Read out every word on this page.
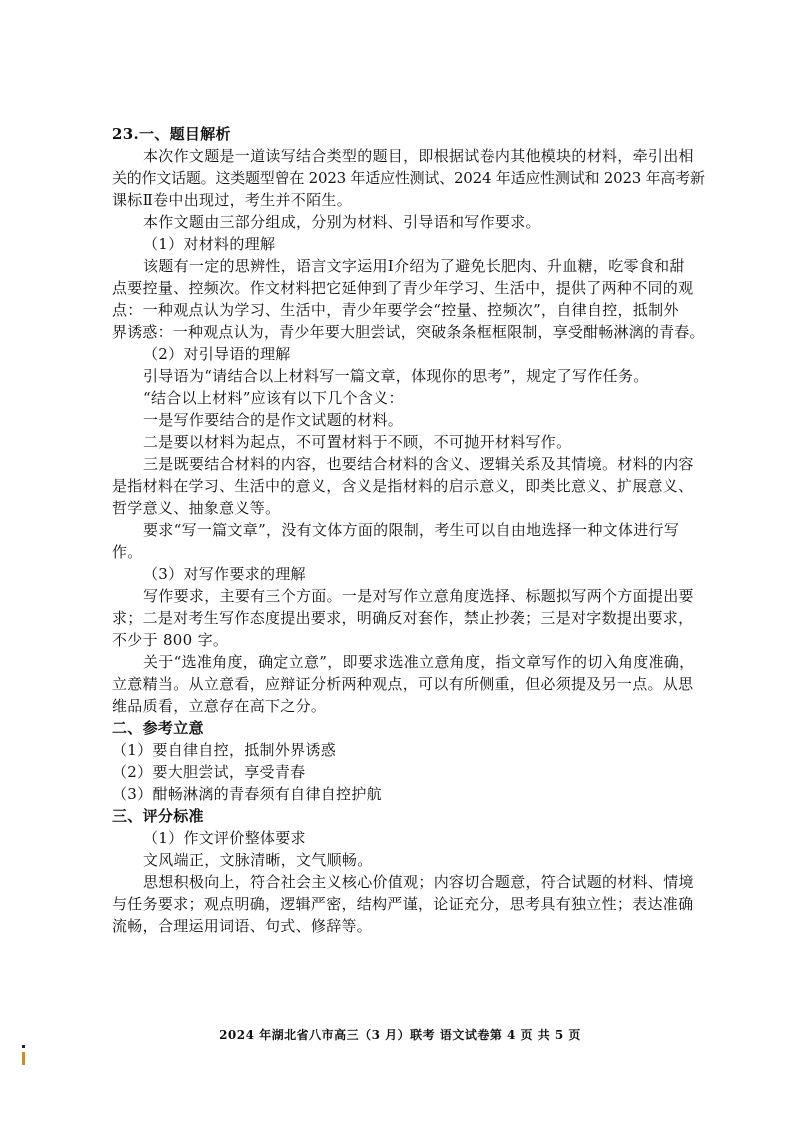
23.一、题目解析
本次作文题是一道读写结合类型的题目，即根据试卷内其他模块的材料，牵引出相
关的作文话题。这类题型曾在 2023 年适应性测试、2024 年适应性测试和 2023 年高考新
课标Ⅱ卷中出现过，考生并不陌生。
本作文题由三部分组成，分别为材料、引导语和写作要求。
（1）对材料的理解
该题有一定的思辨性，语言文字运用Ⅰ介绍为了避免长肥肉、升血糖，吃零食和甜
点要控量、控频次。作文材料把它延伸到了青少年学习、生活中，提供了两种不同的观
点：一种观点认为学习、生活中，青少年要学会“控量、控频次”，自律自控，抵制外
界诱惑：一种观点认为，青少年要大胆尝试，突破条条框框限制，享受酣畅淋漓的青春。
（2）对引导语的理解
引导语为“请结合以上材料写一篇文章，体现你的思考”，规定了写作任务。
“结合以上材料”应该有以下几个含义：
一是写作要结合的是作文试题的材料。
二是要以材料为起点，不可置材料于不顾，不可抛开材料写作。
三是既要结合材料的内容，也要结合材料的含义、逻辑关系及其情境。材料的内容
是指材料在学习、生活中的意义，含义是指材料的启示意义，即类比意义、扩展意义、
哲学意义、抽象意义等。
要求“写一篇文章”，没有文体方面的限制，考生可以自由地选择一种文体进行写
作。
（3）对写作要求的理解
写作要求，主要有三个方面。一是对写作立意角度选择、标题拟写两个方面提出要
求；二是对考生写作态度提出要求，明确反对套作，禁止抄袭；三是对字数提出要求，
不少于 800 字。
关于“选准角度，确定立意”，即要求选准立意角度，指文章写作的切入角度准确，
立意精当。从立意看，应辩证分析两种观点，可以有所侧重，但必须提及另一点。从思
维品质看，立意存在高下之分。
二、参考立意
（1）要自律自控，抵制外界诱惑
（2）要大胆尝试，享受青春
（3）酣畅淋漓的青春须有自律自控护航
三、评分标准
（1）作文评价整体要求
文风端正，文脉清晰，文气顺畅。
思想积极向上，符合社会主义核心价值观；内容切合题意，符合试题的材料、情境
与任务要求；观点明确，逻辑严密，结构严谨，论证充分，思考具有独立性；表达准确
流畅，合理运用词语、句式、修辞等。
2024 年湖北省八市高三（3 月）联考 语文试卷第 4 页 共 5 页
